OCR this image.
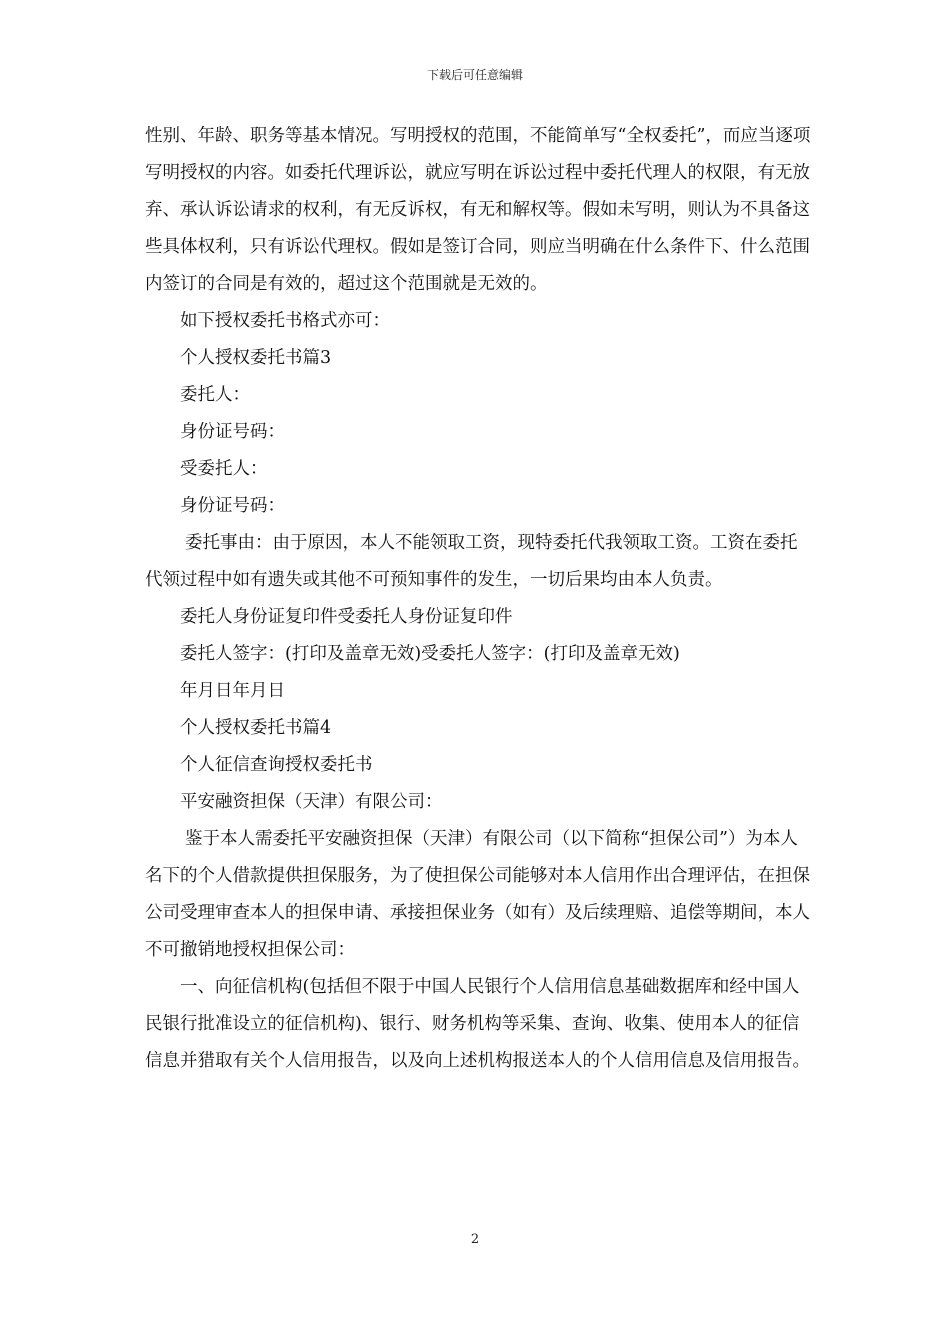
下载后可任意编辑

性别、年龄、职务等基本情况。写明授权的范围，不能简单写“全权委托”，而应当逐项写明授权的内容。如委托代理诉讼，就应写明在诉讼过程中委托代理人的权限，有无放弃、承认诉讼请求的权利，有无反诉权，有无和解权等。假如未写明，则认为不具备这些具体权利，只有诉讼代理权。假如是签订合同，则应当明确在什么条件下、什么范围内签订的合同是有效的，超过这个范围就是无效的。

如下授权委托书格式亦可：

个人授权委托书篇3

委托人：

身份证号码：

受委托人：

身份证号码：

委托事由：由于原因，本人不能领取工资，现特委托代我领取工资。工资在委托代领过程中如有遗失或其他不可预知事件的发生，一切后果均由本人负责。

委托人身份证复印件受委托人身份证复印件

委托人签字：(打印及盖章无效)受委托人签字：(打印及盖章无效)

年月日年月日

个人授权委托书篇4

个人征信查询授权委托书

平安融资担保（天津）有限公司：

鉴于本人需委托平安融资担保（天津）有限公司（以下简称“担保公司”）为本人名下的个人借款提供担保服务，为了使担保公司能够对本人信用作出合理评估，在担保公司受理审查本人的担保申请、承接担保业务（如有）及后续理赔、追偿等期间，本人不可撤销地授权担保公司：

一、向征信机构(包括但不限于中国人民银行个人信用信息基础数据库和经中国人民银行批准设立的征信机构)、银行、财务机构等采集、查询、收集、使用本人的征信信息并猎取有关个人信用报告，以及向上述机构报送本人的个人信用信息及信用报告。

2
